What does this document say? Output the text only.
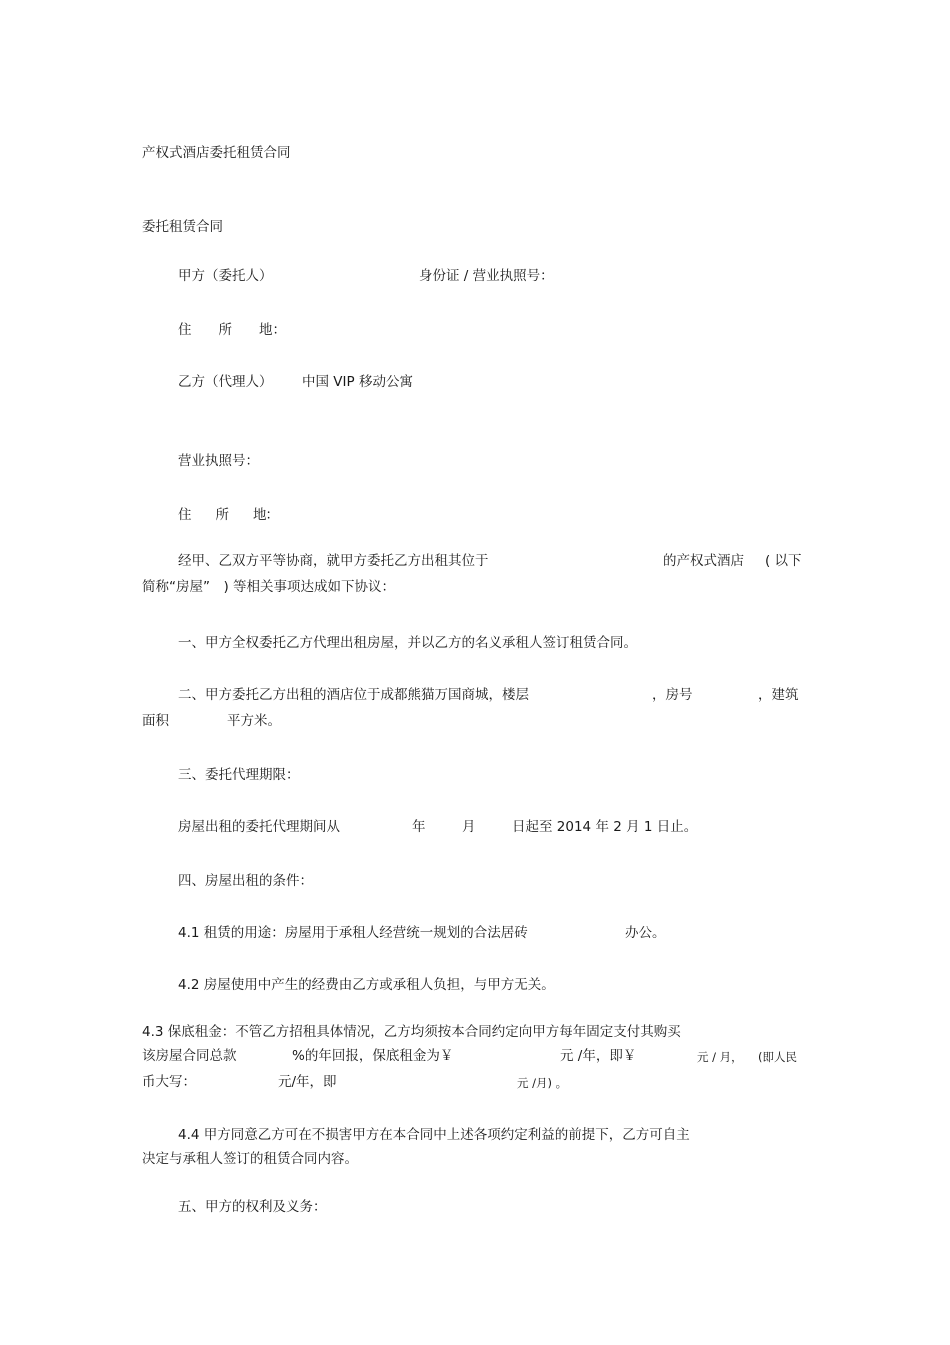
产权式酒店委托租赁合同
委托租赁合同
甲方（委托人）	身份证 / 营业执照号：
住　　所　　地：
乙方（代理人） 中国 VIP 移动公寓
营业执照号：
住　　所　　地：
经甲、乙双方平等协商，就甲方委托乙方出租其位于	的产权式酒店 ( 以下
简称“房屋”　) 等相关事项达成如下协议：
一、甲方全权委托乙方代理出租房屋，并以乙方的名义承租人签订租赁合同。
二、甲方委托乙方出租的酒店位于成都熊猫万国商城，楼层	，房号	，建筑
面积	平方米。
三、委托代理期限：
房屋出租的委托代理期间从	年	月	日起至 2014 年 2 月 1 日止。
四、房屋出租的条件：
4.1 租赁的用途：房屋用于承租人经营统一规划的合法居砖	办公。
4.2 房屋使用中产生的经费由乙方或承租人负担，与甲方无关。
4.3 保底租金：不管乙方招租具体情况，乙方均须按本合同约定向甲方每年固定支付其购买
该房屋合同总款	%的年回报，保底租金为￥	元 /年，即￥	元 / 月， (即人民
币大写：	元/年，即	元 /月) 。
4.4 甲方同意乙方可在不损害甲方在本合同中上述各项约定利益的前提下，乙方可自主
决定与承租人签订的租赁合同内容。
五、甲方的权利及义务：
